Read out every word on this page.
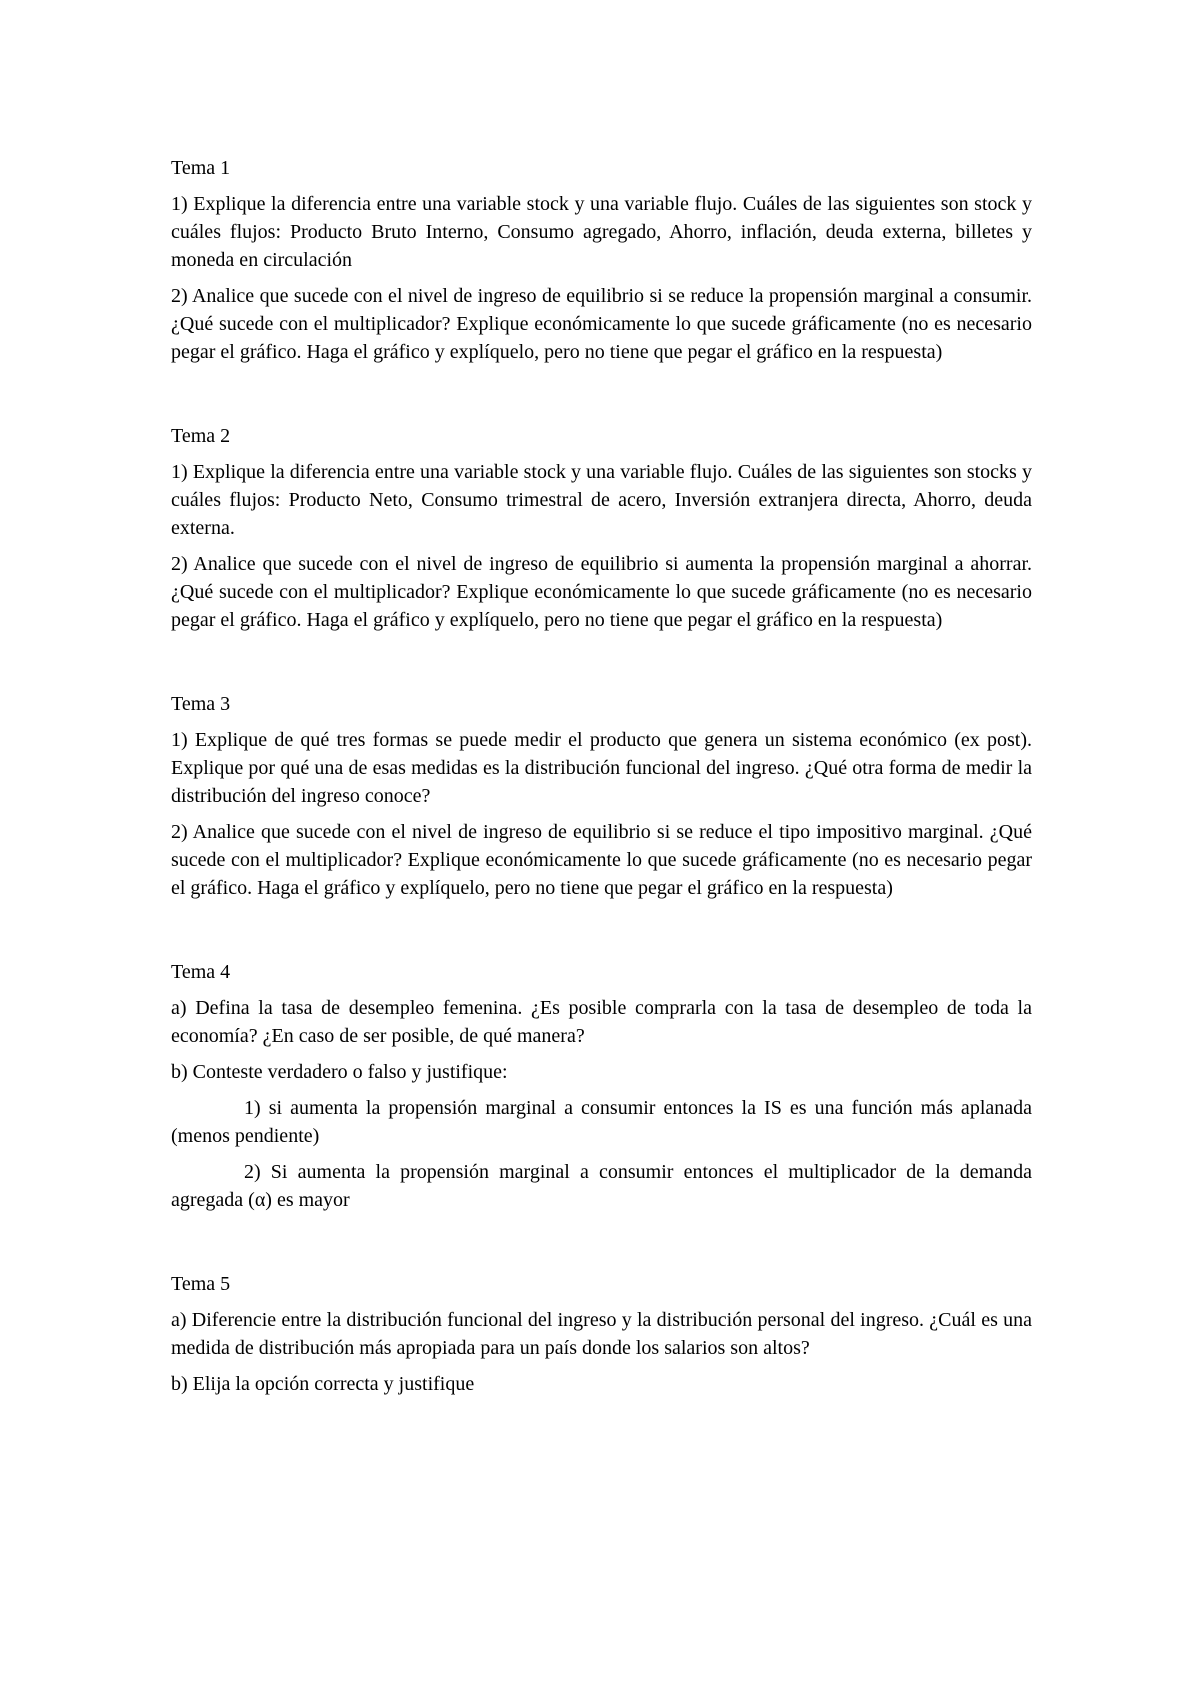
Tema 1

1) Explique la diferencia entre una variable stock y una variable flujo. Cuáles de las siguientes son stock y cuáles flujos: Producto Bruto Interno, Consumo agregado, Ahorro, inflación, deuda externa, billetes y moneda en circulación

2) Analice que sucede con el nivel de ingreso de equilibrio si se reduce la propensión marginal a consumir. ¿Qué sucede con el multiplicador? Explique económicamente lo que sucede gráficamente (no es necesario pegar el gráfico. Haga el gráfico y explíquelo, pero no tiene que pegar el gráfico en la respuesta)

Tema 2

1) Explique la diferencia entre una variable stock y una variable flujo. Cuáles de las siguientes son stocks y cuáles flujos: Producto Neto, Consumo trimestral de acero, Inversión extranjera directa, Ahorro, deuda externa.

2) Analice que sucede con el nivel de ingreso de equilibrio si aumenta la propensión marginal a ahorrar. ¿Qué sucede con el multiplicador? Explique económicamente lo que sucede gráficamente (no es necesario pegar el gráfico. Haga el gráfico y explíquelo, pero no tiene que pegar el gráfico en la respuesta)

Tema 3

1) Explique de qué tres formas se puede medir el producto que genera un sistema económico (ex post). Explique por qué una de esas medidas es la distribución funcional del ingreso. ¿Qué otra forma de medir la distribución del ingreso conoce?

2) Analice que sucede con el nivel de ingreso de equilibrio si se reduce el tipo impositivo marginal. ¿Qué sucede con el multiplicador? Explique económicamente lo que sucede gráficamente (no es necesario pegar el gráfico. Haga el gráfico y explíquelo, pero no tiene que pegar el gráfico en la respuesta)

Tema 4

a) Defina la tasa de desempleo femenina. ¿Es posible comprarla con la tasa de desempleo de toda la economía? ¿En caso de ser posible, de qué manera?

b) Conteste verdadero o falso y justifique:

1) si aumenta la propensión marginal a consumir entonces la IS es una función más aplanada (menos pendiente)

2) Si aumenta la propensión marginal a consumir entonces el multiplicador de la demanda agregada (α) es mayor

Tema 5

a) Diferencie entre la distribución funcional del ingreso y la distribución personal del ingreso. ¿Cuál es una medida de distribución más apropiada para un país donde los salarios son altos?

b) Elija la opción correcta y justifique
